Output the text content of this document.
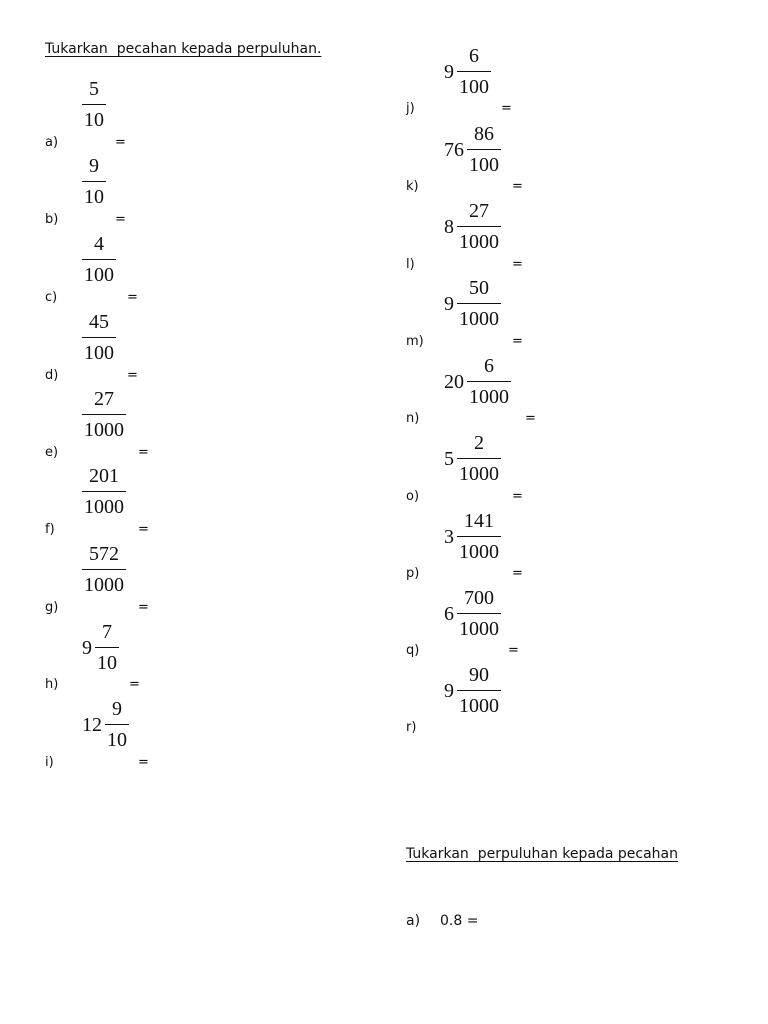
Tukarkan  pecahan kepada perpuluhan.
a)
$\frac{5}{10}$
=
b)
$\frac{9}{10}$
=
c)
$\frac{4}{100}$
=
d)
$\frac{45}{100}$
=
e)
$\frac{27}{1000}$
=
f)
$\frac{201}{1000}$
=
g)
$\frac{572}{1000}$
=
h)
$9 \frac{7}{10}$
=
i)
$12 \frac{9}{10}$
=
j)
$9 \frac{6}{100}$
=
k)
$76 \frac{86}{100}$
=
l)
$8 \frac{27}{1000}$
=
m)
$9 \frac{50}{1000}$
=
n)
$20 \frac{6}{1000}$
=
o)
$5 \frac{2}{1000}$
=
p)
$3 \frac{141}{1000}$
=
q)
$6 \frac{700}{1000}$
=
r)
$9 \frac{90}{1000}$
Tukarkan  perpuluhan kepada pecahan
a) 0.8 =
